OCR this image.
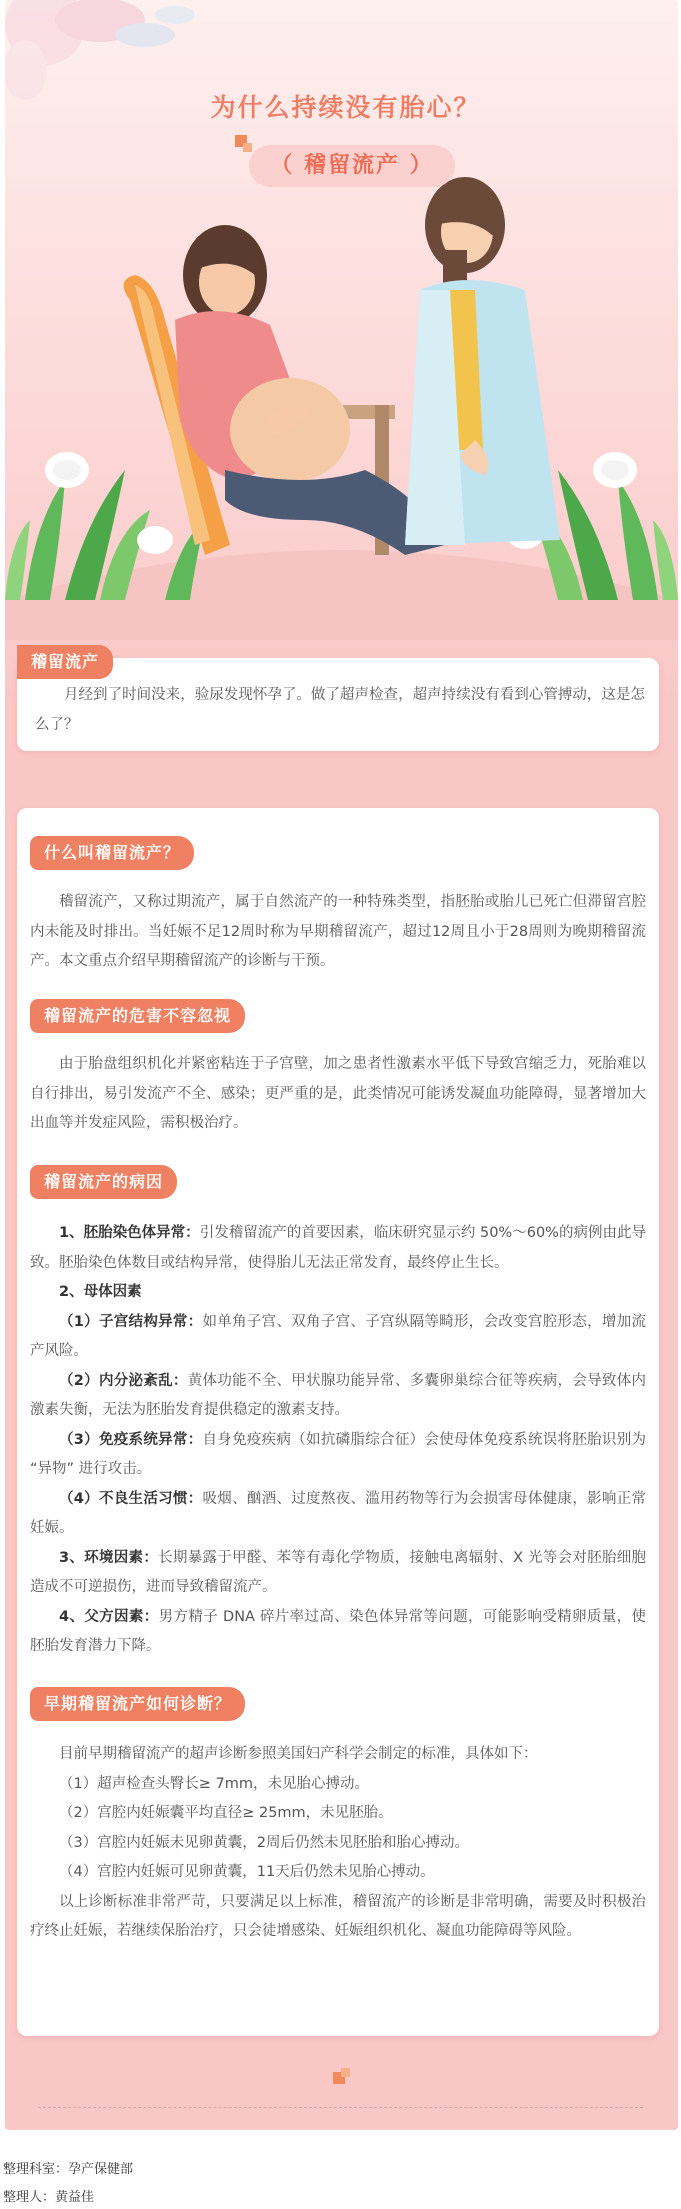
为什么持续没有胎心？
（ 稽留流产 ）
稽留流产

月经到了时间没来，验尿发现怀孕了。做了超声检查，超声持续没有看到心管搏动，这是怎么了？

什么叫稽留流产？

稽留流产，又称过期流产，属于自然流产的一种特殊类型，指胚胎或胎儿已死亡但滞留宫腔内未能及时排出。当妊娠不足12周时称为早期稽留流产，超过12周且小于28周则为晚期稽留流产。本文重点介绍早期稽留流产的诊断与干预。

稽留流产的危害不容忽视

由于胎盘组织机化并紧密粘连于子宫壁，加之患者性激素水平低下导致宫缩乏力，死胎难以自行排出，易引发流产不全、感染；更严重的是，此类情况可能诱发凝血功能障碍，显著增加大出血等并发症风险，需积极治疗。

稽留流产的病因

1、胚胎染色体异常：引发稽留流产的首要因素，临床研究显示约 50%～60%的病例由此导致。胚胎染色体数目或结构异常，使得胎儿无法正常发育，最终停止生长。

2、母体因素

（1）子宫结构异常：如单角子宫、双角子宫、子宫纵隔等畸形，会改变宫腔形态，增加流产风险。

（2）内分泌紊乱：黄体功能不全、甲状腺功能异常、多囊卵巢综合征等疾病，会导致体内激素失衡，无法为胚胎发育提供稳定的激素支持。

（3）免疫系统异常：自身免疫疾病（如抗磷脂综合征）会使母体免疫系统误将胚胎识别为 “异物” 进行攻击。

（4）不良生活习惯：吸烟、酗酒、过度熬夜、滥用药物等行为会损害母体健康，影响正常妊娠。

3、环境因素：长期暴露于甲醛、苯等有毒化学物质，接触电离辐射、X 光等会对胚胎细胞造成不可逆损伤，进而导致稽留流产。

4、父方因素：男方精子 DNA 碎片率过高、染色体异常等问题，可能影响受精卵质量，使胚胎发育潜力下降。

早期稽留流产如何诊断？

目前早期稽留流产的超声诊断参照美国妇产科学会制定的标准，具体如下：

（1）超声检查头臀长≥ 7mm，未见胎心搏动。

（2）宫腔内妊娠囊平均直径≥ 25mm，未见胚胎。

（3）宫腔内妊娠未见卵黄囊，2周后仍然未见胚胎和胎心搏动。

（4）宫腔内妊娠可见卵黄囊，11天后仍然未见胎心搏动。

以上诊断标准非常严苛，只要满足以上标准，稽留流产的诊断是非常明确，需要及时积极治疗终止妊娠，若继续保胎治疗，只会徒增感染、妊娠组织机化、凝血功能障碍等风险。

整理科室：孕产保健部
整理人：黄益佳
